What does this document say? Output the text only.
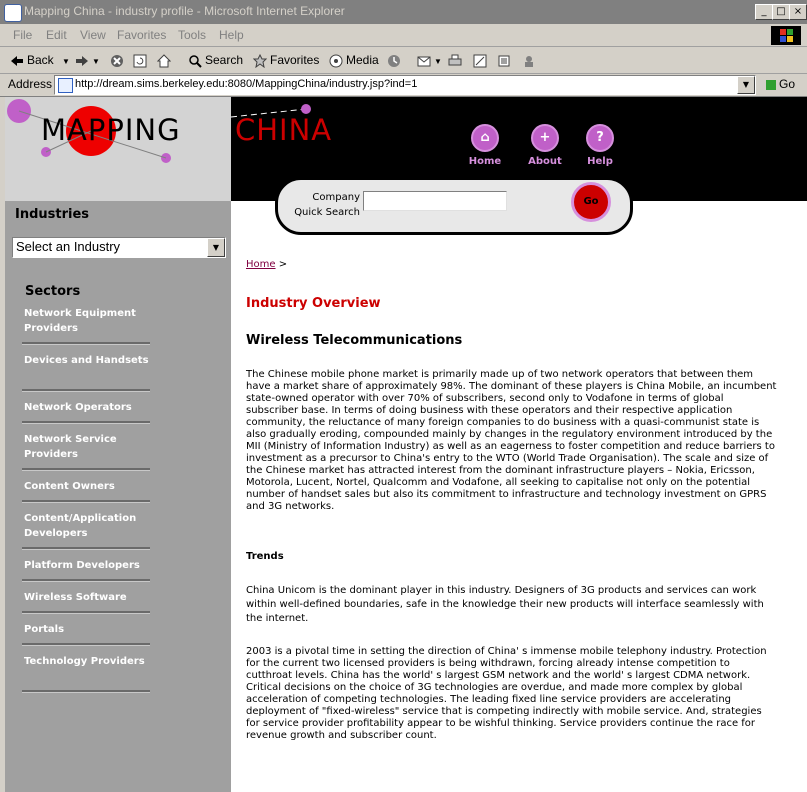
Mapping China - industry profile - Microsoft Internet Explorer	_ □ ×
File Edit View Favorites Tools Help
Back ▼	▼	Search	Favorites	Media	▼
Address http://dream.sims.berkeley.edu:8080/MappingChina/industry.jsp?ind=1	▼	Go
MAPPING CHINA	⌂
Home
+
About
?
Help
Industries
Select an Industry	▼
Sectors
Network Equipment Providers
Devices and Handsets
Network Operators
Network Service Providers
Content Owners
Content/Application Developers
Platform Developers
Wireless Software
Portals
Technology Providers
Company Quick Search
Go
Home >
Industry Overview
Wireless Telecommunications
The Chinese mobile phone market is primarily made up of two network operators that between them have a market share of approximately 98%. The dominant of these players is China Mobile, an incumbent state-owned operator with over 70% of subscribers, second only to Vodafone in terms of global subscriber base. In terms of doing business with these operators and their respective application community, the reluctance of many foreign companies to do business with a quasi-communist state is also gradually eroding, compounded mainly by changes in the regulatory environment introduced by the MII (Ministry of Information Industry) as well as an eagerness to foster competition and reduce barriers to investment as a precursor to China's entry to the WTO (World Trade Organisation). The scale and size of the Chinese market has attracted interest from the dominant infrastructure players – Nokia, Ericsson, Motorola, Lucent, Nortel, Qualcomm and Vodafone, all seeking to capitalise not only on the potential number of handset sales but also its commitment to infrastructure and technology investment on GPRS and 3G networks.
Trends
China Unicom is the dominant player in this industry. Designers of 3G products and services can work within well-defined boundaries, safe in the knowledge their new products will interface seamlessly with the internet.
2003 is a pivotal time in setting the direction of China' s immense mobile telephony industry. Protection for the current two licensed providers is being withdrawn, forcing already intense competition to cutthroat levels. China has the world' s largest GSM network and the world' s largest CDMA network. Critical decisions on the choice of 3G technologies are overdue, and made more complex by global acceleration of competing technologies. The leading fixed line service providers are accelerating deployment of "fixed-wireless" service that is competing indirectly with mobile service. And, strategies for service provider profitability appear to be wishful thinking. Service providers continue the race for revenue growth and subscriber count.
